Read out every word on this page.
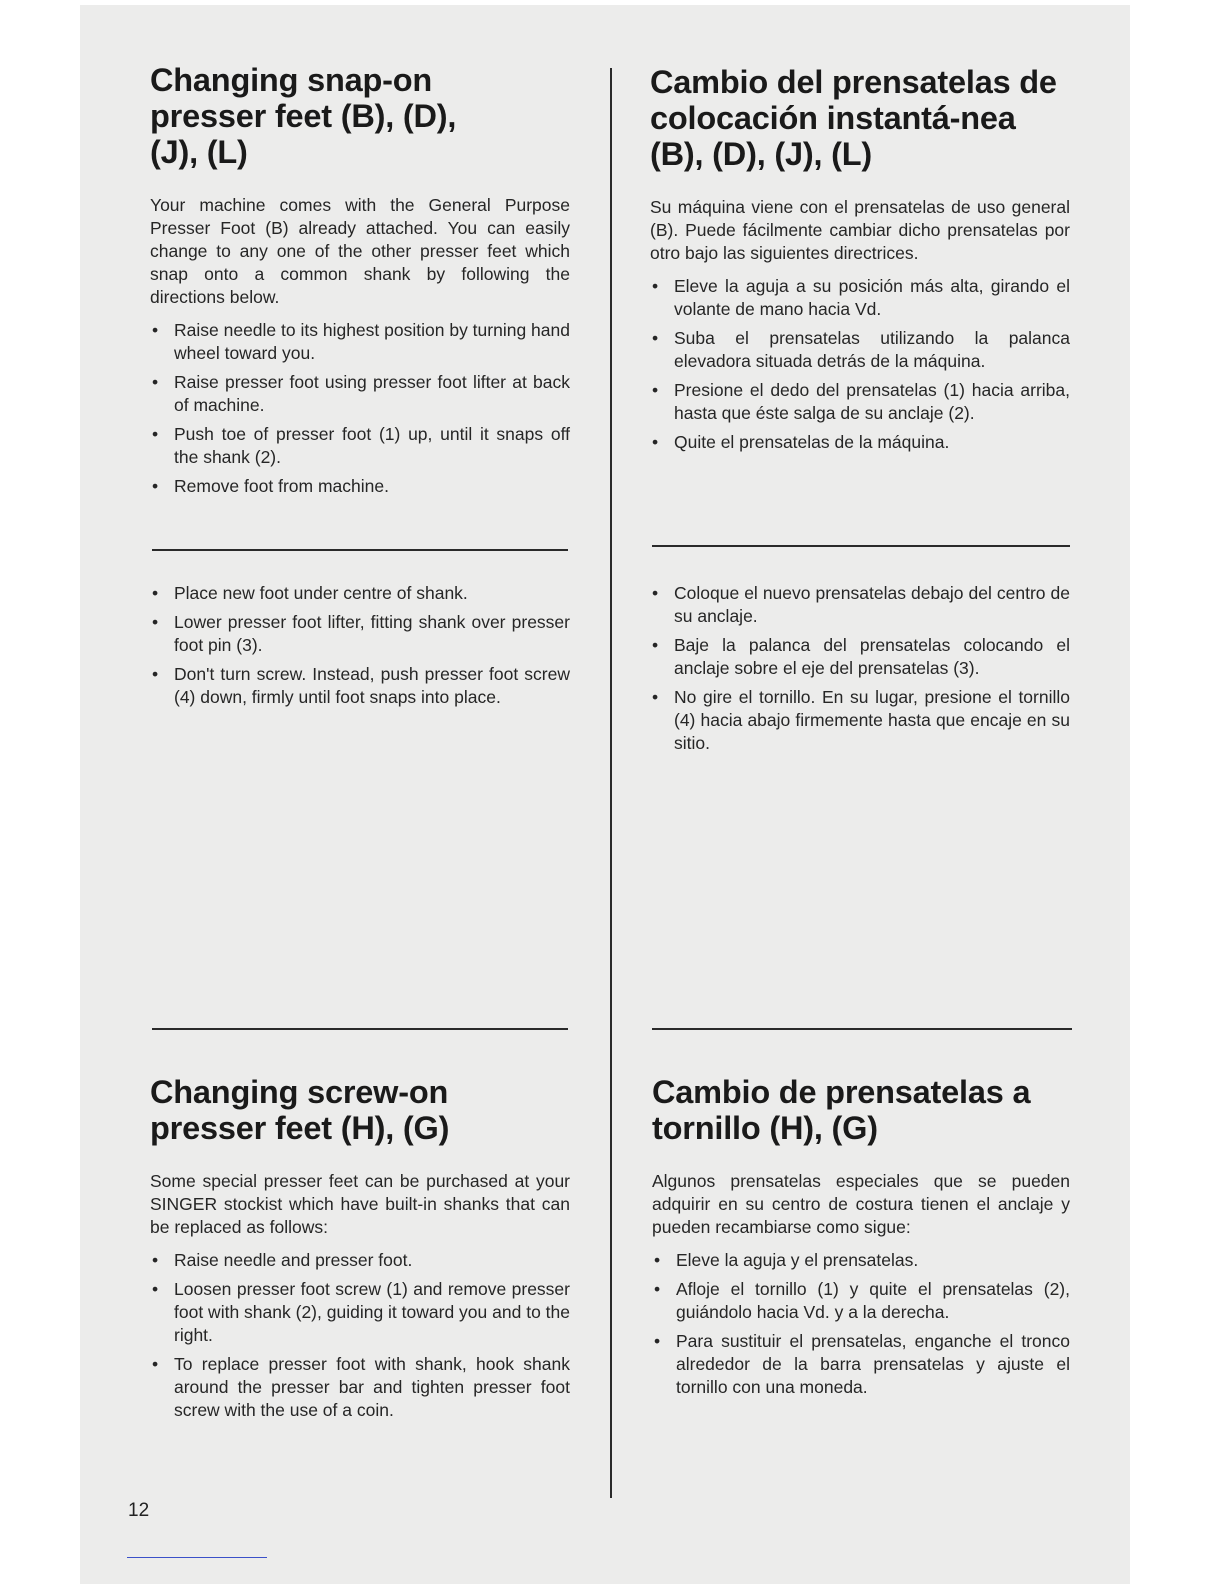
Changing snap-on presser feet (B), (D), (J), (L)

Your machine comes with the General Purpose Presser Foot (B) already attached. You can easily change to any one of the other presser feet which snap onto a common shank by following the directions below.

• Raise needle to its highest position by turning hand wheel toward you.
• Raise presser foot using presser foot lifter at back of machine.
• Push toe of presser foot (1) up, until it snaps off the shank (2).
• Remove foot from machine.
• Place new foot under centre of shank.
• Lower presser foot lifter, fitting shank over presser foot pin (3).
• Don't turn screw. Instead, push presser foot screw (4) down, firmly until foot snaps into place.
Changing screw-on presser feet (H), (G)

Some special presser feet can be purchased at your SINGER stockist which have built-in shanks that can be replaced as follows:

• Raise needle and presser foot.
• Loosen presser foot screw (1) and remove presser foot with shank (2), guiding it toward you and to the right.
• To replace presser foot with shank, hook shank around the presser bar and tighten presser foot screw with the use of a coin.
Cambio del prensatelas de colocación instantá-nea (B), (D), (J), (L)

Su máquina viene con el prensatelas de uso general (B). Puede fácilmente cambiar dicho prensatelas por otro bajo las siguientes directrices.

• Eleve la aguja a su posición más alta, girando el volante de mano hacia Vd.
• Suba el prensatelas utilizando la palanca elevadora situada detrás de la máquina.
• Presione el dedo del prensatelas (1) hacia arriba, hasta que éste salga de su anclaje (2).
• Quite el prensatelas de la máquina.
• Coloque el nuevo prensatelas debajo del centro de su anclaje.
• Baje la palanca del prensatelas colocando el anclaje sobre el eje del prensatelas (3).
• No gire el tornillo. En su lugar, presione el tornillo (4) hacia abajo firmemente hasta que encaje en su sitio.
Cambio de prensatelas a tornillo (H), (G)

Algunos prensatelas especiales que se pueden adquirir en su centro de costura tienen el anclaje y pueden recambiarse como sigue:

• Eleve la aguja y el prensatelas.
• Afloje el tornillo (1) y quite el prensatelas (2), guiándolo hacia Vd. y a la derecha.
• Para sustituir el prensatelas, enganche el tronco alrededor de la barra prensatelas y ajuste el tornillo con una moneda.
12
